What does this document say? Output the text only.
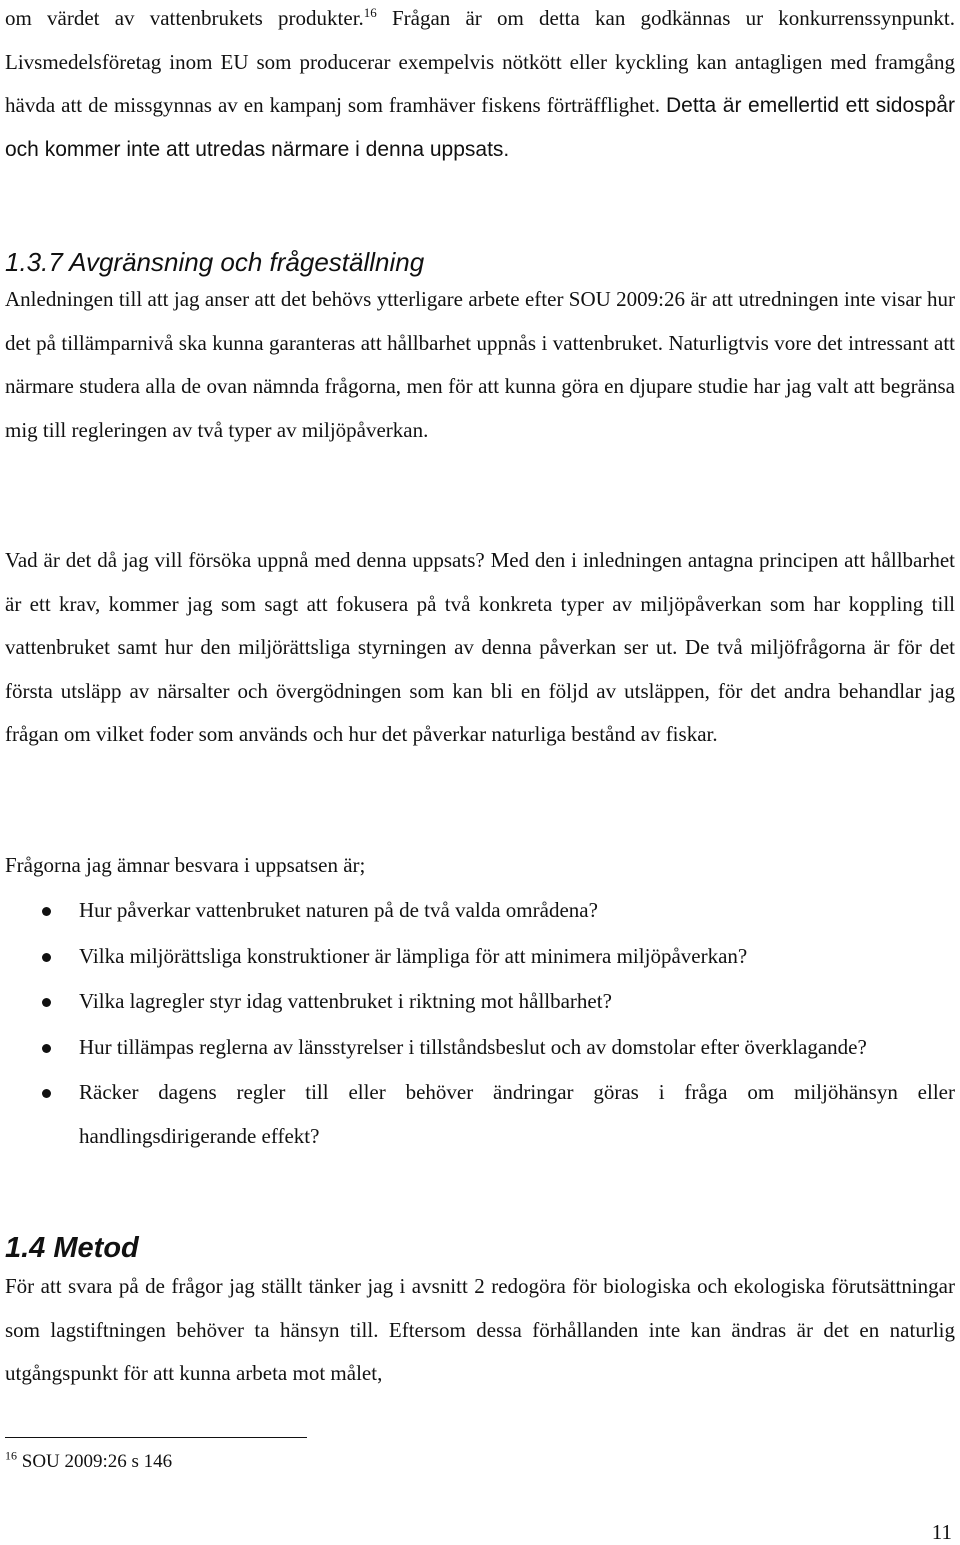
om värdet av vattenbrukets produkter.$^{16}$ Frågan är om detta kan godkännas ur konkurrenssynpunkt. Livsmedelsföretag inom EU som producerar exempelvis nötkött eller kyckling kan antagligen med framgång hävda att de missgynnas av en kampanj som framhäver fiskens förträfflighet. Detta är emellertid ett sidospår och kommer inte att utredas närmare i denna uppsats.

1.3.7 Avgränsning och frågeställning

Anledningen till att jag anser att det behövs ytterligare arbete efter SOU 2009:26 är att utredningen inte visar hur det på tillämparnivå ska kunna garanteras att hållbarhet uppnås i vattenbruket. Naturligtvis vore det intressant att närmare studera alla de ovan nämnda frågorna, men för att kunna göra en djupare studie har jag valt att begränsa mig till regleringen av två typer av miljöpåverkan.

Vad är det då jag vill försöka uppnå med denna uppsats? Med den i inledningen antagna principen att hållbarhet är ett krav, kommer jag som sagt att fokusera på två konkreta typer av miljöpåverkan som har koppling till vattenbruket samt hur den miljörättsliga styrningen av denna påverkan ser ut. De två miljöfrågorna är för det första utsläpp av närsalter och övergödningen som kan bli en följd av utsläppen, för det andra behandlar jag frågan om vilket foder som används och hur det påverkar naturliga bestånd av fiskar.

Frågorna jag ämnar besvara i uppsatsen är;

Hur påverkar vattenbruket naturen på de två valda områdena?
Vilka miljörättsliga konstruktioner är lämpliga för att minimera miljöpåverkan?
Vilka lagregler styr idag vattenbruket i riktning mot hållbarhet?
Hur tillämpas reglerna av länsstyrelser i tillståndsbeslut och av domstolar efter överklagande?
Räcker dagens regler till eller behöver ändringar göras i fråga om miljöhänsyn eller handlingsdirigerande effekt?
1.4 Metod

För att svara på de frågor jag ställt tänker jag i avsnitt 2 redogöra för biologiska och ekologiska förutsättningar som lagstiftningen behöver ta hänsyn till. Eftersom dessa förhållanden inte kan ändras är det en naturlig utgångspunkt för att kunna arbeta mot målet,

$^{16}$ SOU 2009:26 s 146
11
